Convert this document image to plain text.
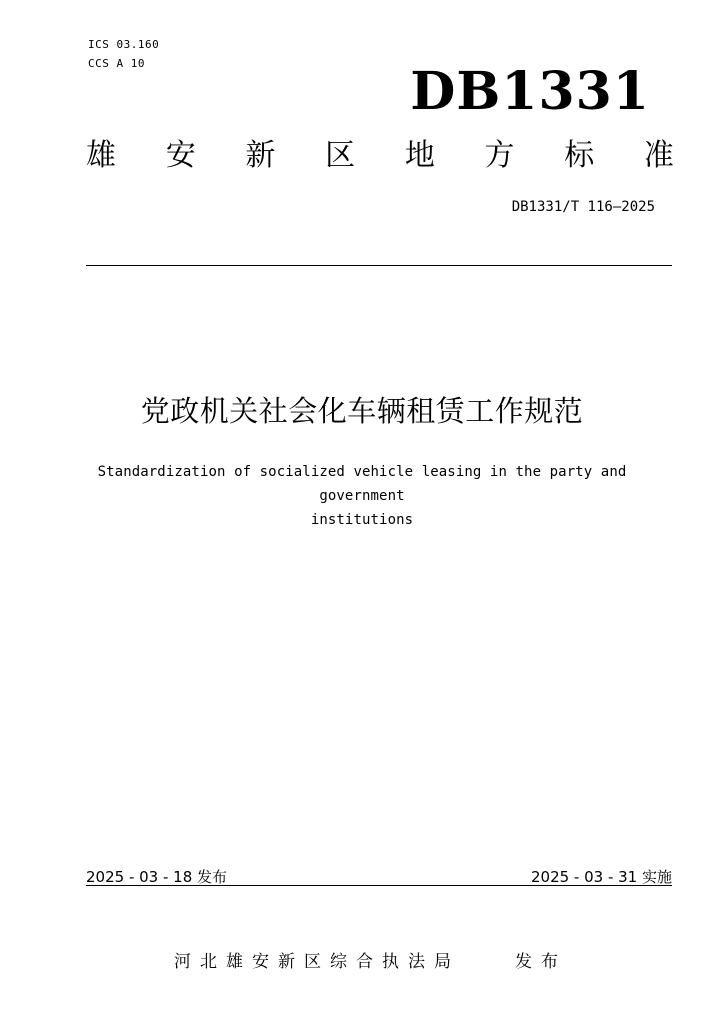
ICS 03.160
CCS A 10	DB1331
雄 安 新 区 地 方 标 准
DB1331/T 116—2025
党政机关社会化车辆租赁工作规范
Standardization of socialized vehicle leasing in the party and government
institutions
2025 - 03 - 18 发布	2025 - 03 - 31 实施
河北雄安新区综合执法局	发布
